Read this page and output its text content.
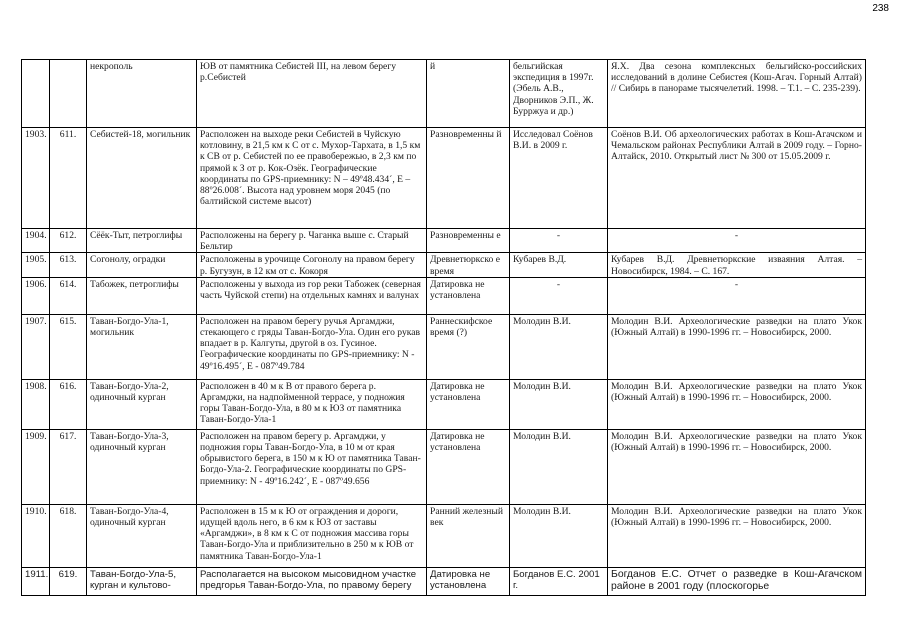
238
		некрополь	ЮВ от памятника Себистей III, на левом берегу р.Себистей	й	бельгийская экспедиция в 1997г. (Эбель А.В., Дворников Э.П., Ж. Бурржуа и др.)	Я.Х. Два сезона комплексных бельгийско-российских исследований в долине Себистея (Кош-Агач. Горный Алтай) // Сибирь в панораме тысячелетий. 1998. – Т.1. – С. 235-239).
1903.	611.	Себистей-18, могильник	Расположен на выходе реки Себистей в Чуйскую котловину, в 21,5 км к С от с. Мухор-Тархата, в 1,5 км к СВ от р. Себистей по ее правобережью, в 2,3 км по прямой к З от р. Кок-Озёк. Географические координаты по GPS-приемнику: N – 49º48.434´, E – 88º26.008´. Высота над уровнем моря 2045 (по балтийской системе высот)	Разновременны й	Исследовал Соёнов В.И. в 2009 г.	Соёнов В.И. Об археологических работах в Кош-Агачском и Чемальском районах Республики Алтай в 2009 году. – Горно-Алтайск, 2010. Открытый лист № 300 от 15.05.2009 г.
1904.	612.	Сёёк-Тыт, петроглифы	Расположены на берегу р. Чаганка выше с. Старый Бельтир	Разновременны е	-	-
1905.	613.	Согонолу, оградки	Расположены в урочище Согонолу на правом берегу р. Бугузун, в 12 км от с. Кокоря	Древнетюркско е время	Кубарев В.Д.	Кубарев В.Д. Древнетюркские изваяния Алтая. – Новосибирск, 1984. – С. 167.
1906.	614.	Табожек, петроглифы	Расположены у выхода из гор реки Табожек (северная часть Чуйской степи) на отдельных камнях и валунах	Датировка не установлена	-	-
1907.	615.	Таван-Богдо-Ула-1, могильник	Расположен на правом берегу ручья Аргамджи, стекающего с гряды Таван-Богдо-Ула. Один его рукав впадает в р. Калгуты, другой в оз. Гусиное. Географические координаты по GPS-приемнику: N - 49º16.495´, E - 087º49.784	Раннескифское время (?)	Молодин В.И.	Молодин В.И. Археологические разведки на плато Укок (Южный Алтай) в 1990-1996 гг. – Новосибирск, 2000.
1908.	616.	Таван-Богдо-Ула-2, одиночный курган	Расположен в 40 м к В от правого берега р. Аргамджи, на надпойменной террасе, у подножия горы Таван-Богдо-Ула, в 80 м к ЮЗ от памятника Таван-Богдо-Ула-1	Датировка не установлена	Молодин В.И.	Молодин В.И. Археологические разведки на плато Укок (Южный Алтай) в 1990-1996 гг. – Новосибирск, 2000.
1909.	617.	Таван-Богдо-Ула-3, одиночный курган	Расположен на правом берегу р. Аргамджи, у подножия горы Таван-Богдо-Ула, в 10 м от края обрывистого берега, в 150 м к Ю от памятника Таван-Богдо-Ула-2. Географические координаты по GPS-приемнику: N - 49º16.242´, E - 087º49.656	Датировка не установлена	Молодин В.И.	Молодин В.И. Археологические разведки на плато Укок (Южный Алтай) в 1990-1996 гг. – Новосибирск, 2000.
1910.	618.	Таван-Богдо-Ула-4, одиночный курган	Расположен в 15 м к Ю от ограждения и дороги, идущей вдоль него, в 6 км к ЮЗ от заставы «Аргамджи», в 8 км к С от подножия массива горы Таван-Богдо-Ула и приблизительно в 250 м к ЮВ от памятника Таван-Богдо-Ула-1	Ранний железный век	Молодин В.И.	Молодин В.И. Археологические разведки на плато Укок (Южный Алтай) в 1990-1996 гг. – Новосибирск, 2000.
1911.	619.	Таван-Богдо-Ула-5, курган и культово-	Располагается на высоком мысовидном участке предгорья Таван-Богдо-Ула, по правому берегу	Датировка не установлена	Богданов Е.С. 2001 г.	Богданов Е.С. Отчет о разведке в Кош-Агачском районе в 2001 году (плоскогорье
